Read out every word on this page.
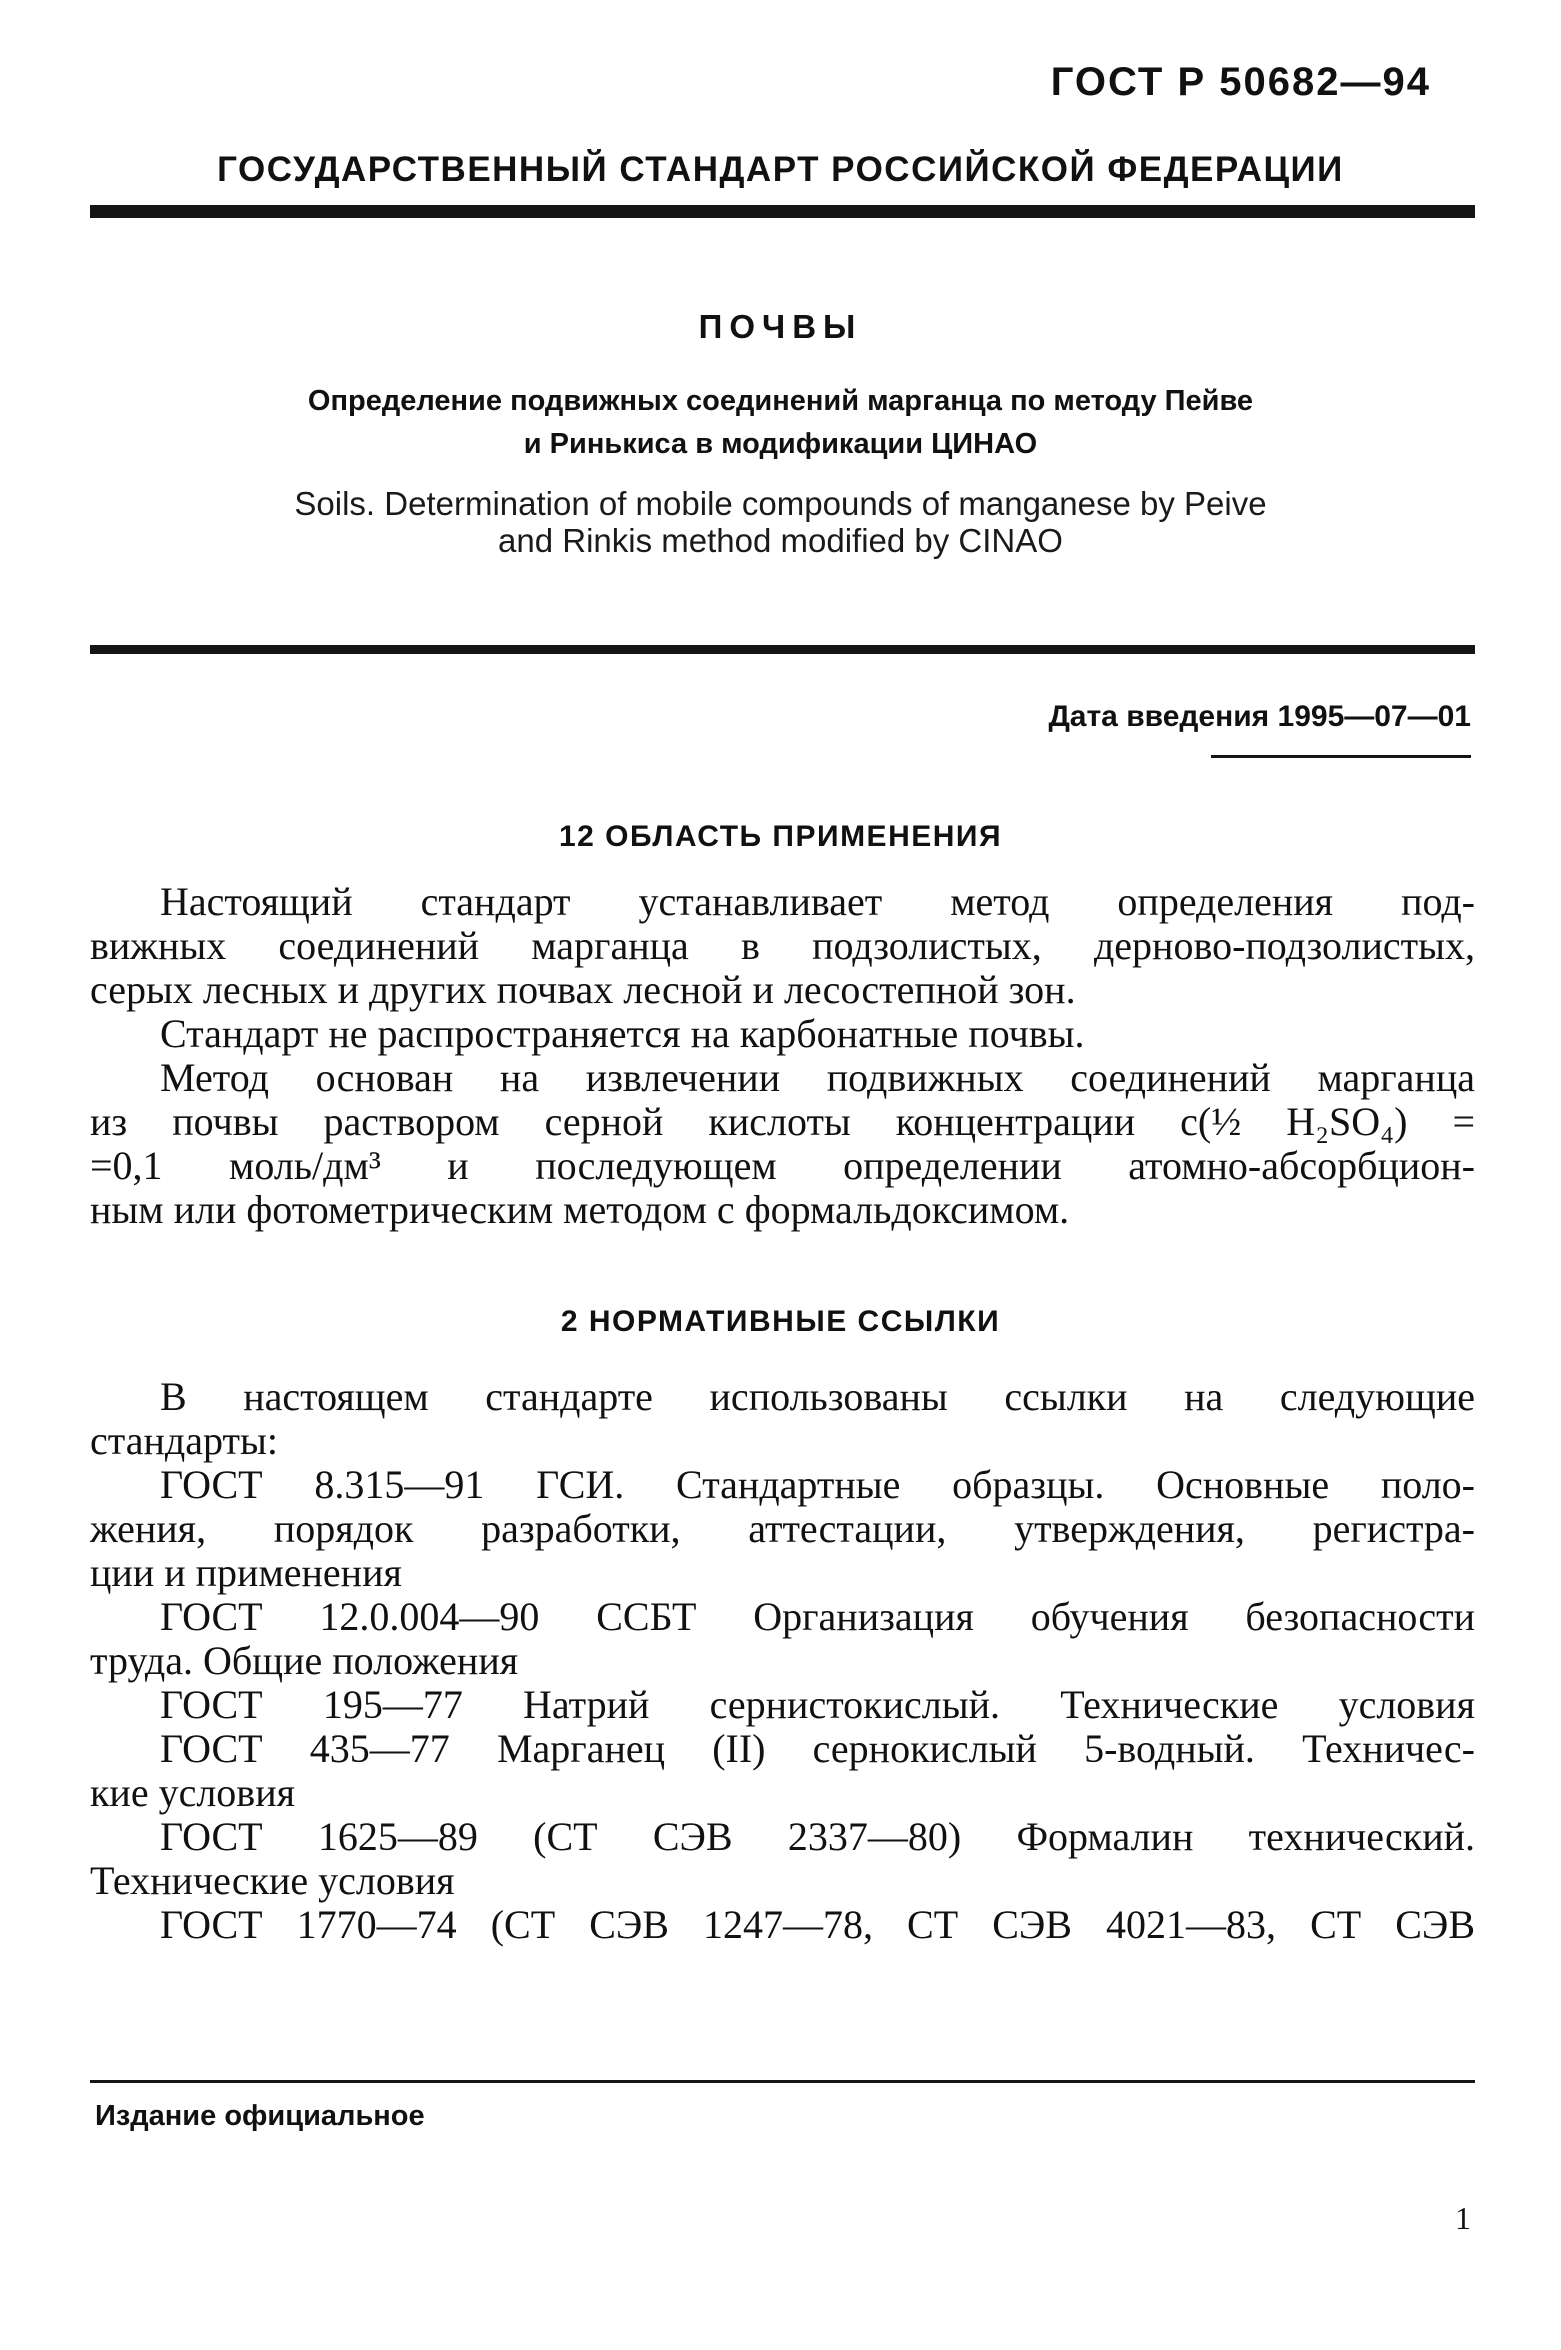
ГОСТ Р 50682—94
ГОСУДАРСТВЕННЫЙ СТАНДАРТ РОССИЙСКОЙ ФЕДЕРАЦИИ
ПОЧВЫ
Определение подвижных соединений марганца по методу Пейве
и Ринькиса в модификации ЦИНАО
Soils. Determination of mobile compounds of manganese by Peive
and Rinkis method modified by CINAO
Дата введения 1995—07—01
12 ОБЛАСТЬ ПРИМЕНЕНИЯ
Настоящий стандарт устанавливает метод определения под-
вижных соединений марганца в подзолистых, дерново-подзолистых,
серых лесных и других почвах лесной и лесостепной зон.
Стандарт не распространяется на карбонатные почвы.
Метод основан на извлечении подвижных соединений марганца
из почвы раствором серной кислоты концентрации c(½ H₂SO₄) =
=0,1 моль/дм³ и последующем определении атомно-абсорбцион-
ным или фотометрическим методом с формальдоксимом.
2 НОРМАТИВНЫЕ ССЫЛКИ
В настоящем стандарте использованы ссылки на следующие
стандарты:
ГОСТ 8.315—91 ГСИ. Стандартные образцы. Основные поло-
жения, порядок разработки, аттестации, утверждения, регистра-
ции и применения
ГОСТ 12.0.004—90 ССБТ Организация обучения безопасности
труда. Общие положения
ГОСТ 195—77 Натрий сернистокислый. Технические условия
ГОСТ 435—77 Марганец (II) сернокислый 5-водный. Техничес-
кие условия
ГОСТ 1625—89 (СТ СЭВ 2337—80) Формалин технический.
Технические условия
ГОСТ 1770—74 (СТ СЭВ 1247—78, СТ СЭВ 4021—83, СТ СЭВ
Издание официальное
1
